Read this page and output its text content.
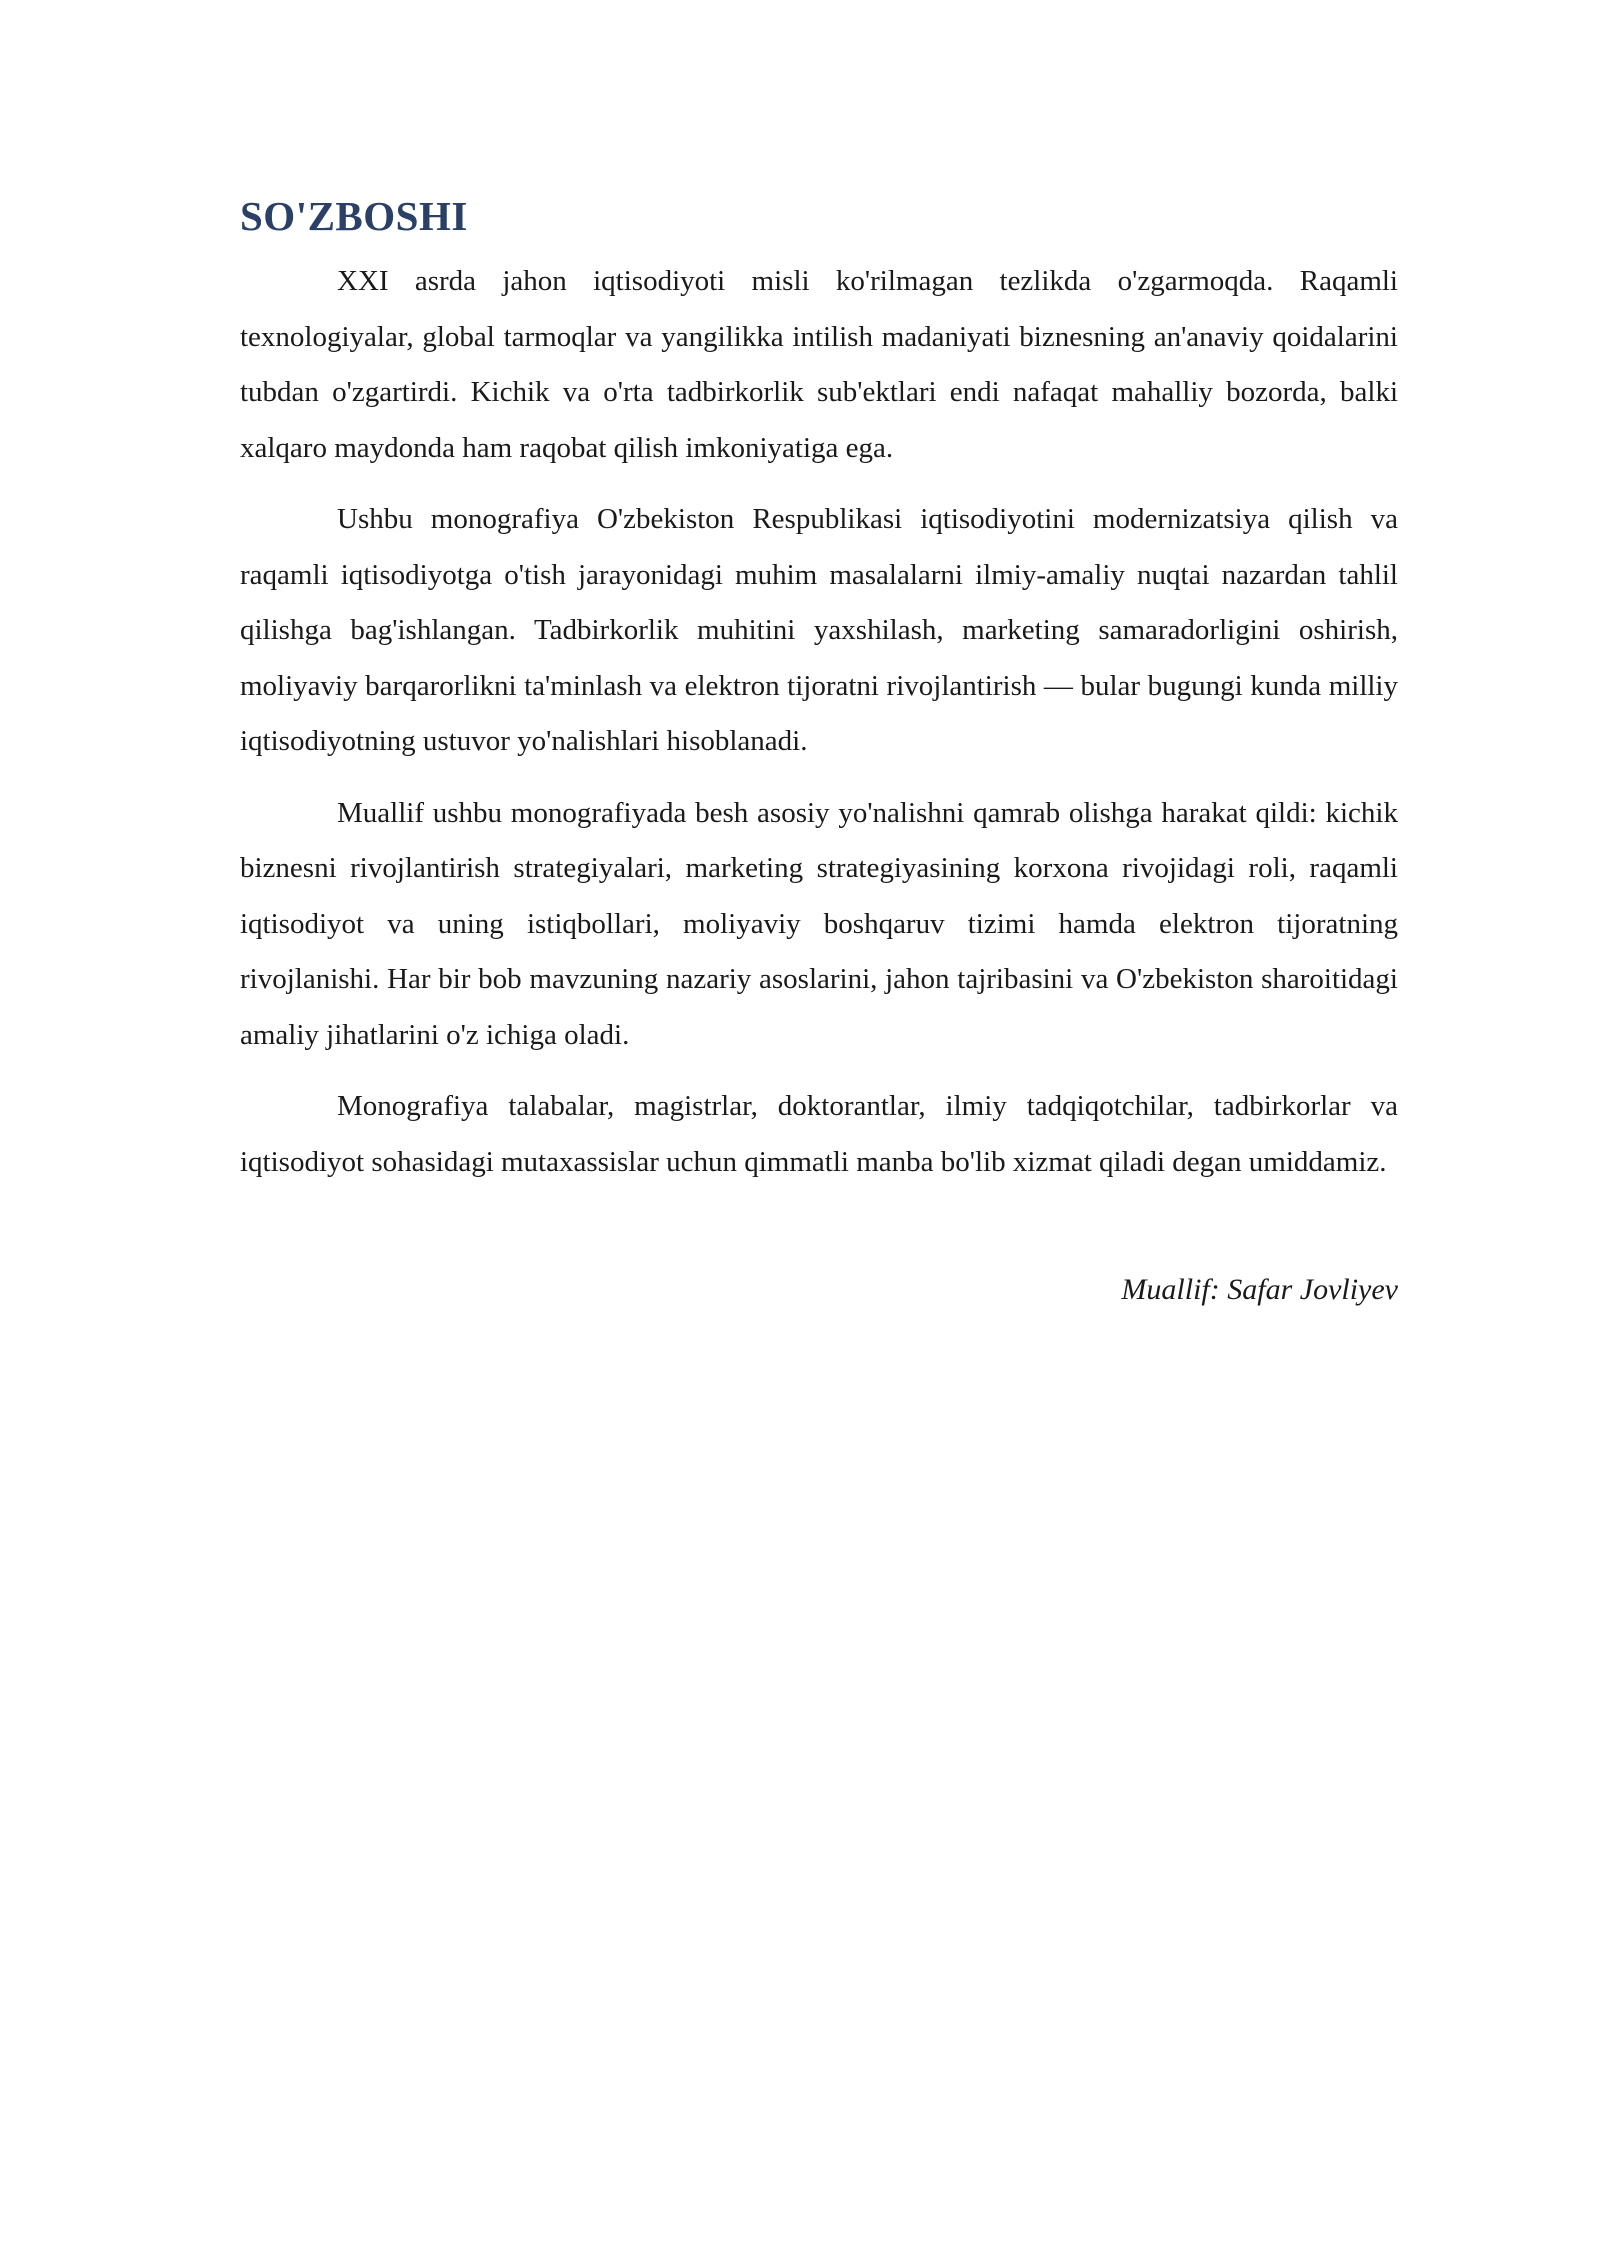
SO'ZBOSHI

XXI asrda jahon iqtisodiyoti misli ko'rilmagan tezlikda o'zgarmoqda. Raqamli texnologiyalar, global tarmoqlar va yangilikka intilish madaniyati biznesning an'anaviy qoidalarini tubdan o'zgartirdi. Kichik va o'rta tadbirkorlik sub'ektlari endi nafaqat mahalliy bozorda, balki xalqaro maydonda ham raqobat qilish imkoniyatiga ega.

Ushbu monografiya O'zbekiston Respublikasi iqtisodiyotini modernizatsiya qilish va raqamli iqtisodiyotga o'tish jarayonidagi muhim masalalarni ilmiy-amaliy nuqtai nazardan tahlil qilishga bag'ishlangan. Tadbirkorlik muhitini yaxshilash, marketing samaradorligini oshirish, moliyaviy barqarorlikni ta'minlash va elektron tijoratni rivojlantirish — bular bugungi kunda milliy iqtisodiyotning ustuvor yo'nalishlari hisoblanadi.

Muallif ushbu monografiyada besh asosiy yo'nalishni qamrab olishga harakat qildi: kichik biznesni rivojlantirish strategiyalari, marketing strategiyasining korxona rivojidagi roli, raqamli iqtisodiyot va uning istiqbollari, moliyaviy boshqaruv tizimi hamda elektron tijoratning rivojlanishi. Har bir bob mavzuning nazariy asoslarini, jahon tajribasini va O'zbekiston sharoitidagi amaliy jihatlarini o'z ichiga oladi.

Monografiya talabalar, magistrlar, doktorantlar, ilmiy tadqiqotchilar, tadbirkorlar va iqtisodiyot sohasidagi mutaxassislar uchun qimmatli manba bo'lib xizmat qiladi degan umiddamiz.

Muallif: Safar Jovliyev
